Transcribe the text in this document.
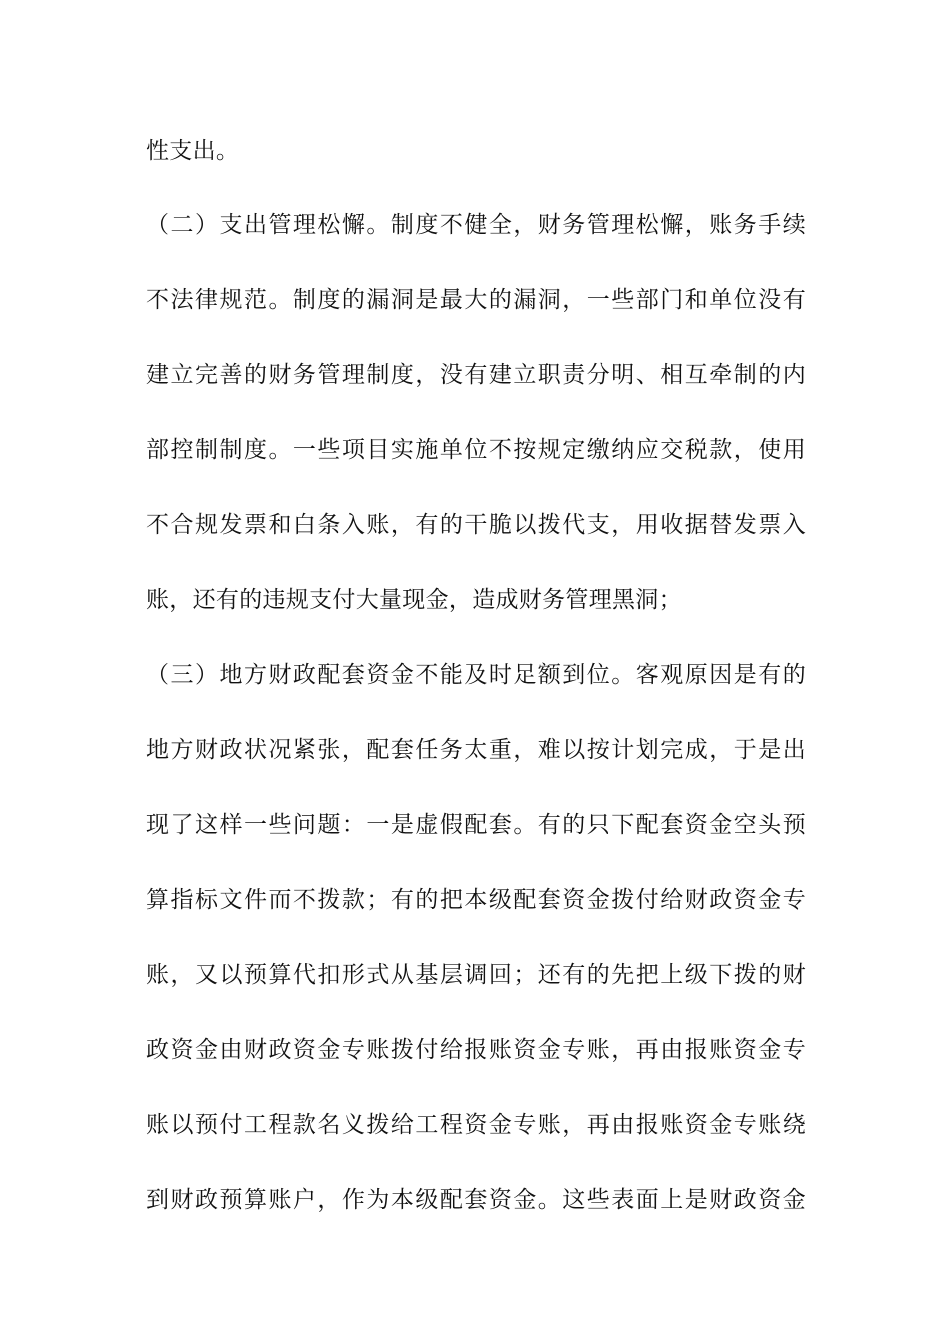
性支出。
（二）支出管理松懈。制度不健全，财务管理松懈，账务手续
不法律规范。制度的漏洞是最大的漏洞，一些部门和单位没有
建立完善的财务管理制度，没有建立职责分明、相互牵制的内
部控制制度。一些项目实施单位不按规定缴纳应交税款，使用
不合规发票和白条入账，有的干脆以拨代支，用收据替发票入
账，还有的违规支付大量现金，造成财务管理黑洞；
（三）地方财政配套资金不能及时足额到位。客观原因是有的
地方财政状况紧张，配套任务太重，难以按计划完成，于是出
现了这样一些问题：一是虚假配套。有的只下配套资金空头预
算指标文件而不拨款；有的把本级配套资金拨付给财政资金专
账，又以预算代扣形式从基层调回；还有的先把上级下拨的财
政资金由财政资金专账拨付给报账资金专账，再由报账资金专
账以预付工程款名义拨给工程资金专账，再由报账资金专账绕
到财政预算账户，作为本级配套资金。这些表面上是财政资金
